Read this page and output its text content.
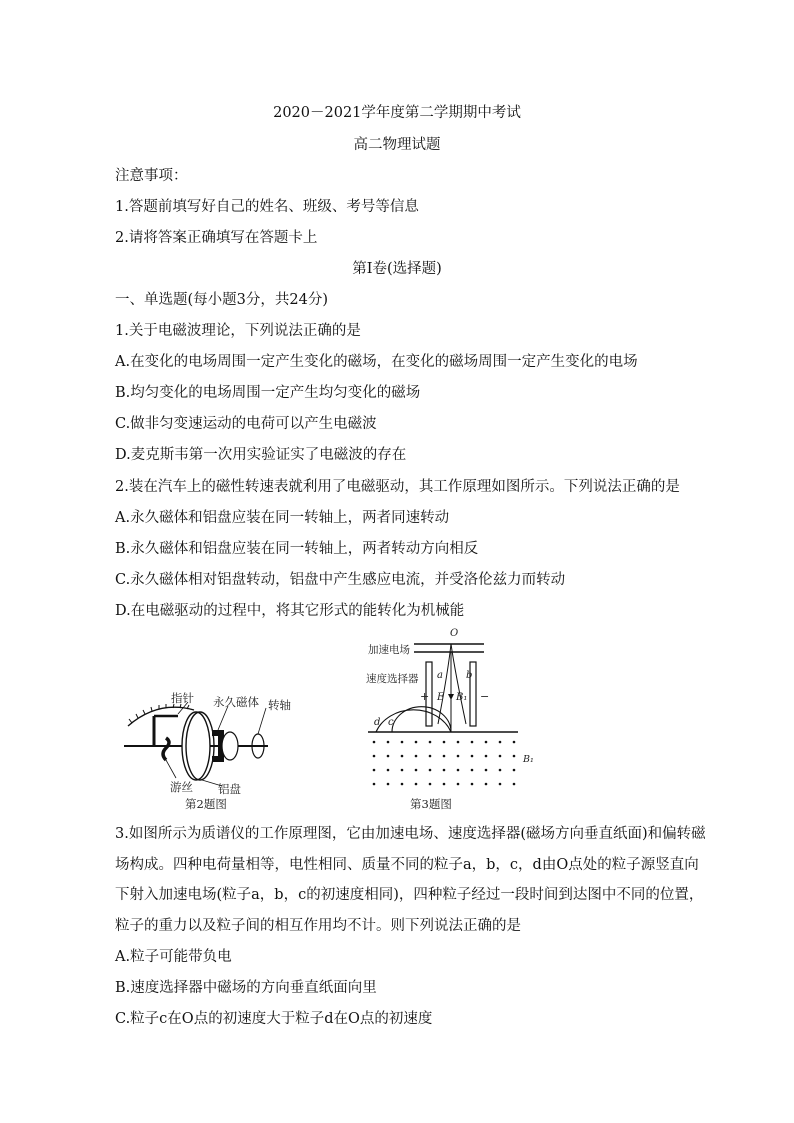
2020－2021学年度第二学期期中考试
高二物理试题
注意事项：
1.答题前填写好自己的姓名、班级、考号等信息
2.请将答案正确填写在答题卡上
第Ⅰ卷(选择题)
一、单选题(每小题3分，共24分)
1.关于电磁波理论，下列说法正确的是
A.在变化的电场周围一定产生变化的磁场，在变化的磁场周围一定产生变化的电场
B.均匀变化的电场周围一定产生均匀变化的磁场
C.做非匀变速运动的电荷可以产生电磁波
D.麦克斯韦第一次用实验证实了电磁波的存在
2.装在汽车上的磁性转速表就利用了电磁驱动，其工作原理如图所示。下列说法正确的是
A.永久磁体和铝盘应装在同一转轴上，两者同速转动
B.永久磁体和铝盘应装在同一转轴上，两者转动方向相反
C.永久磁体相对铝盘转动，铝盘中产生感应电流，并受洛伦兹力而转动
D.在电磁驱动的过程中，将其它形式的能转化为机械能
指针 永久磁体 转轴
游丝 铝盘
第2题图
O
加速电场
速度选择器 a b
+ E B₁ −
d c
B₁
第3题图
3.如图所示为质谱仪的工作原理图，它由加速电场、速度选择器(磁场方向垂直纸面)和偏转磁
场构成。四种电荷量相等，电性相同、质量不同的粒子a，b，c，d由O点处的粒子源竖直向
下射入加速电场(粒子a，b，c的初速度相同)，四种粒子经过一段时间到达图中不同的位置，
粒子的重力以及粒子间的相互作用均不计。则下列说法正确的是
A.粒子可能带负电
B.速度选择器中磁场的方向垂直纸面向里
C.粒子c在O点的初速度大于粒子d在O点的初速度
